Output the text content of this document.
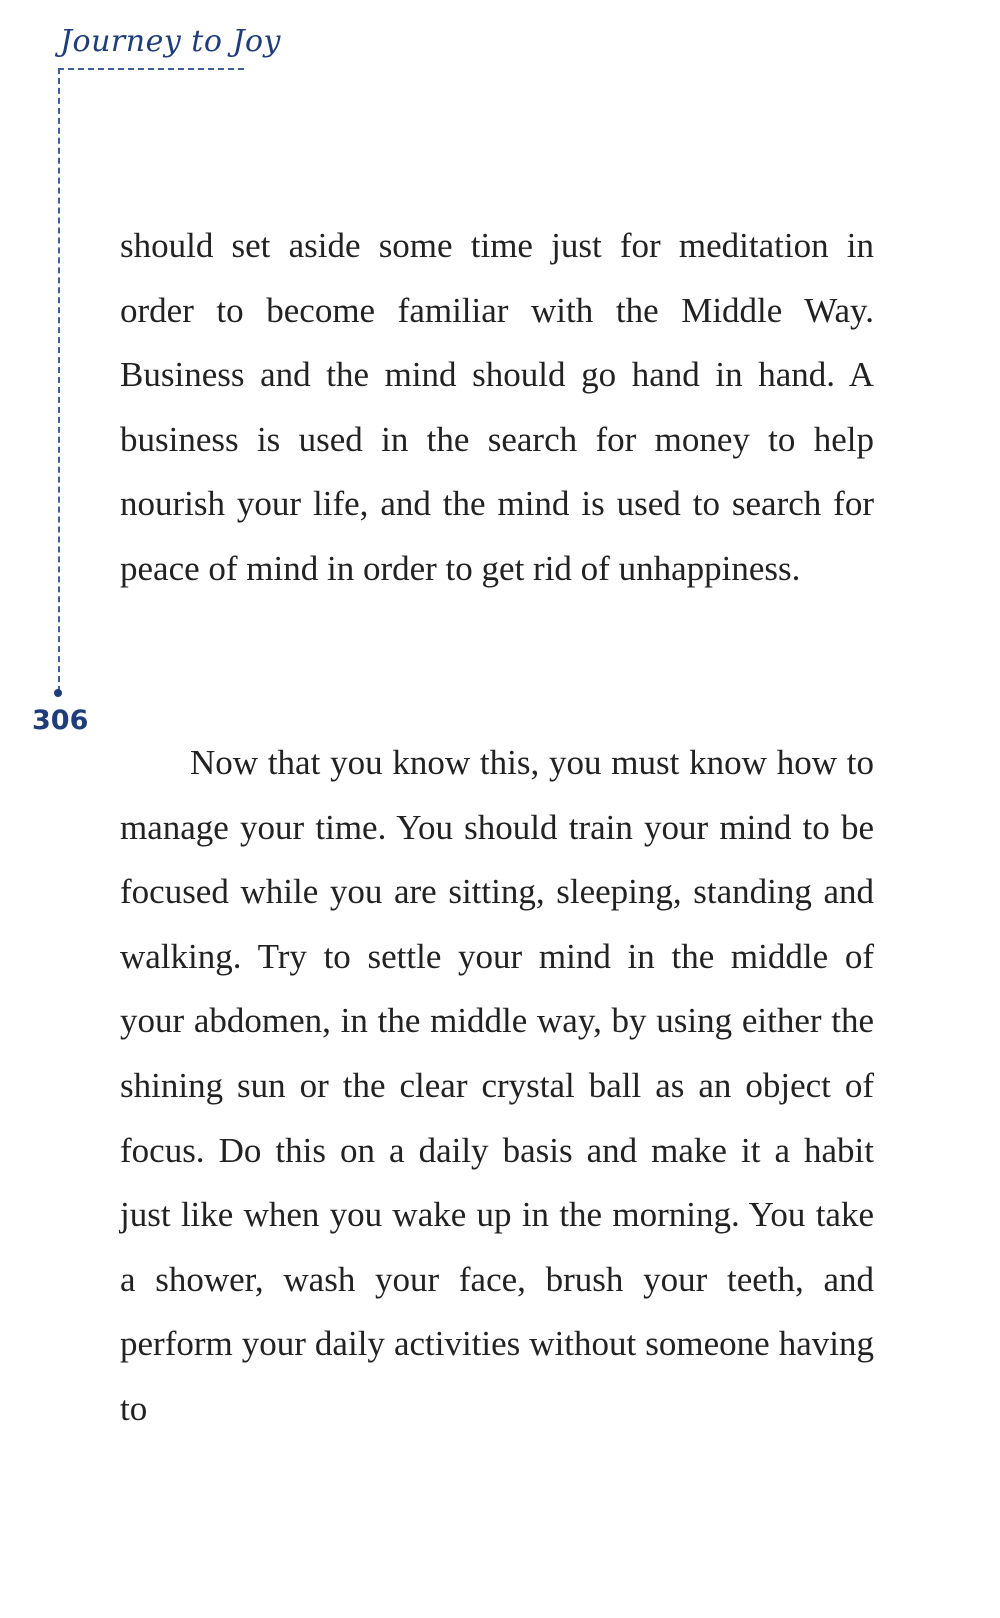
Journey to Joy
306

should set aside some time just for meditation in order to become familiar with the Middle Way. Business and the mind should go hand in hand. A business is used in the search for money to help nourish your life, and the mind is used to search for peace of mind in order to get rid of unhappiness.

Now that you know this, you must know how to manage your time. You should train your mind to be focused while you are sitting, sleeping, standing and walking. Try to settle your mind in the middle of your abdomen, in the middle way, by using either the shining sun or the clear crystal ball as an object of focus. Do this on a daily basis and make it a habit just like when you wake up in the morning. You take a shower, wash your face, brush your teeth, and perform your daily activities without someone having to
